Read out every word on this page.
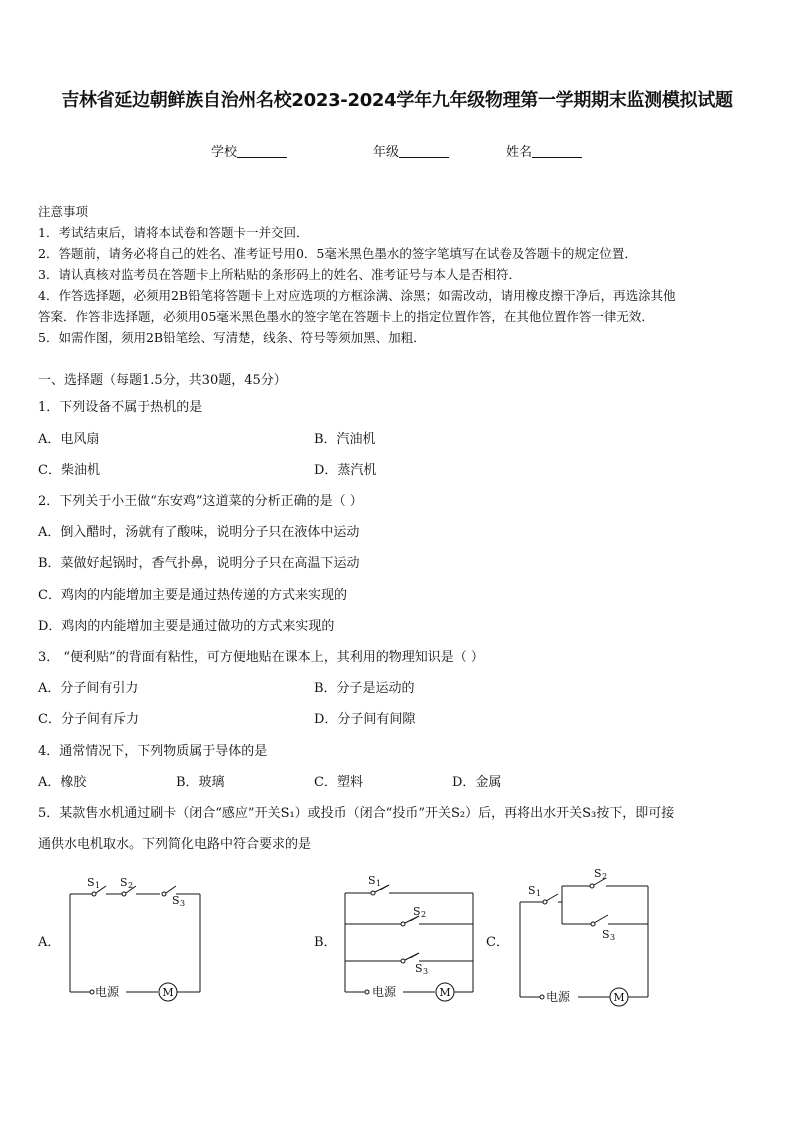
吉林省延边朝鲜族自治州名校2023-2024学年九年级物理第一学期期末监测模拟试题
学校	年级	姓名
注意事项
1．考试结束后，请将本试卷和答题卡一并交回．
2．答题前，请务必将自己的姓名、准考证号用0．5毫米黑色墨水的签字笔填写在试卷及答题卡的规定位置．
3．请认真核对监考员在答题卡上所粘贴的条形码上的姓名、准考证号与本人是否相符．
4．作答选择题，必须用2B铅笔将答题卡上对应选项的方框涂满、涂黑；如需改动，请用橡皮擦干净后，再选涂其他
答案．作答非选择题，必须用05毫米黑色墨水的签字笔在答题卡上的指定位置作答，在其他位置作答一律无效．
5．如需作图，须用2B铅笔绘、写清楚，线条、符号等须加黑、加粗．
一、选择题（每题1.5分，共30题，45分）
1．下列设备不属于热机的是
A．电风扇	B．汽油机
C．柴油机	D．蒸汽机
2．下列关于小王做“东安鸡”这道菜的分析正确的是（ ）
A．倒入醋时，汤就有了酸味，说明分子只在液体中运动
B．菜做好起锅时，香气扑鼻，说明分子只在高温下运动
C．鸡肉的内能增加主要是通过热传递的方式来实现的
D．鸡肉的内能增加主要是通过做功的方式来实现的
3． “便利贴”的背面有粘性，可方便地贴在课本上，其利用的物理知识是（ ）
A．分子间有引力	B．分子是运动的
C．分子间有斥力	D．分子间有间隙
4．通常情况下，下列物质属于导体的是
A．橡胶	B．玻璃	C．塑料	D．金属
5．某款售水机通过刷卡（闭合“感应”开关S₁）或投币（闭合“投币”开关S₂）后，再将出水开关S₃按下，即可接
通供水电机取水。下列简化电路中符合要求的是
A．	B．	C．
S 1 S 2
S 3
电源	M
S 1
S 2
S 3
电源	M
S 1
S 2
S 3
电源	M
